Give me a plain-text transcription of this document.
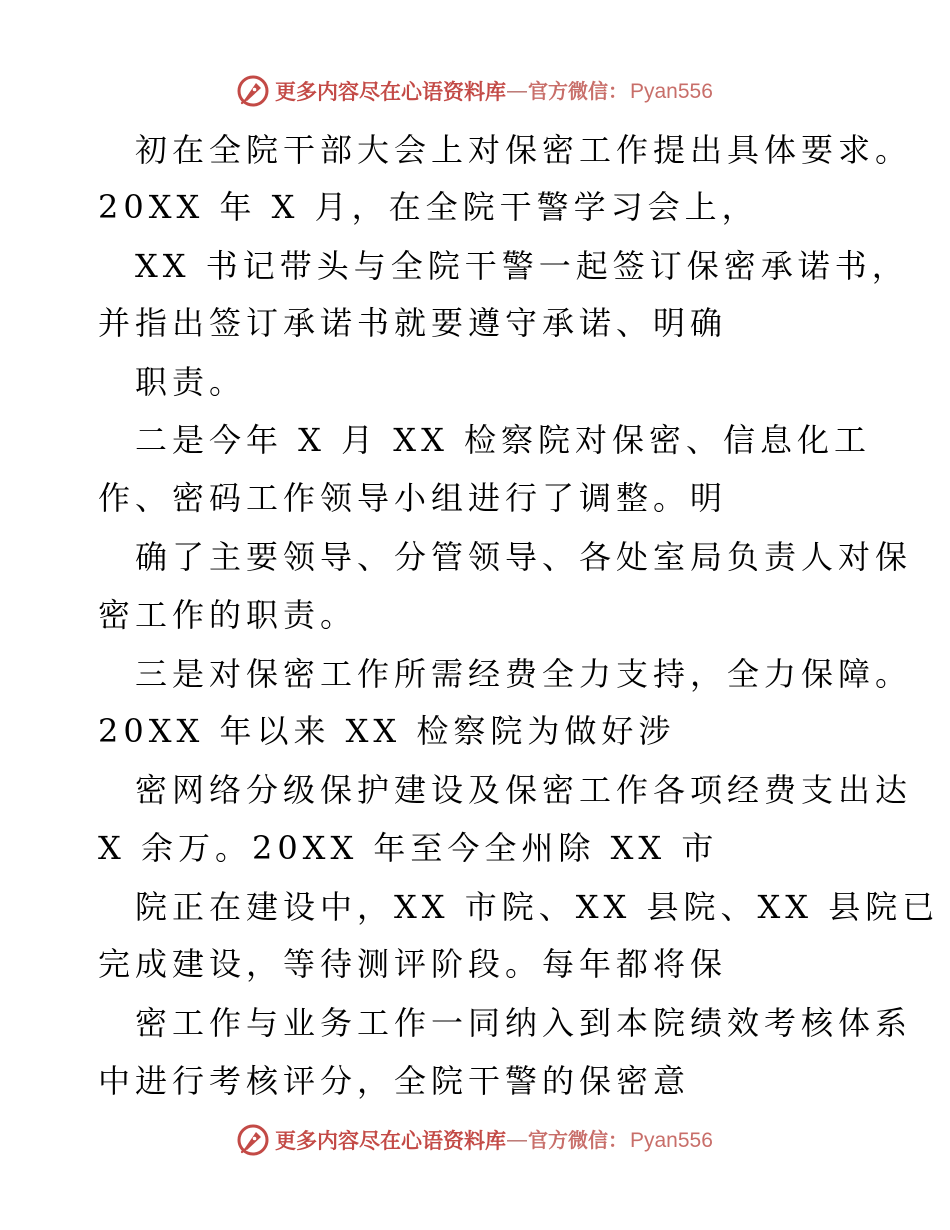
更多内容尽在心语资料库 — 官方微信： Pyan556

初在全院干部大会上对保密工作提出具体要求。

20XX 年 X 月，在全院干警学习会上，

XX 书记带头与全院干警一起签订保密承诺书，

并指出签订承诺书就要遵守承诺、明确

职责。

二是今年 X 月 XX 检察院对保密、信息化工

作、密码工作领导小组进行了调整。明

确了主要领导、分管领导、各处室局负责人对保

密工作的职责。

三是对保密工作所需经费全力支持，全力保障。

20XX 年以来 XX 检察院为做好涉

密网络分级保护建设及保密工作各项经费支出达

X 余万。20XX 年至今全州除 XX 市

院正在建设中，XX 市院、XX 县院、XX 县院已

完成建设，等待测评阶段。每年都将保

密工作与业务工作一同纳入到本院绩效考核体系

中进行考核评分，全院干警的保密意

更多内容尽在心语资料库 — 官方微信： Pyan556
